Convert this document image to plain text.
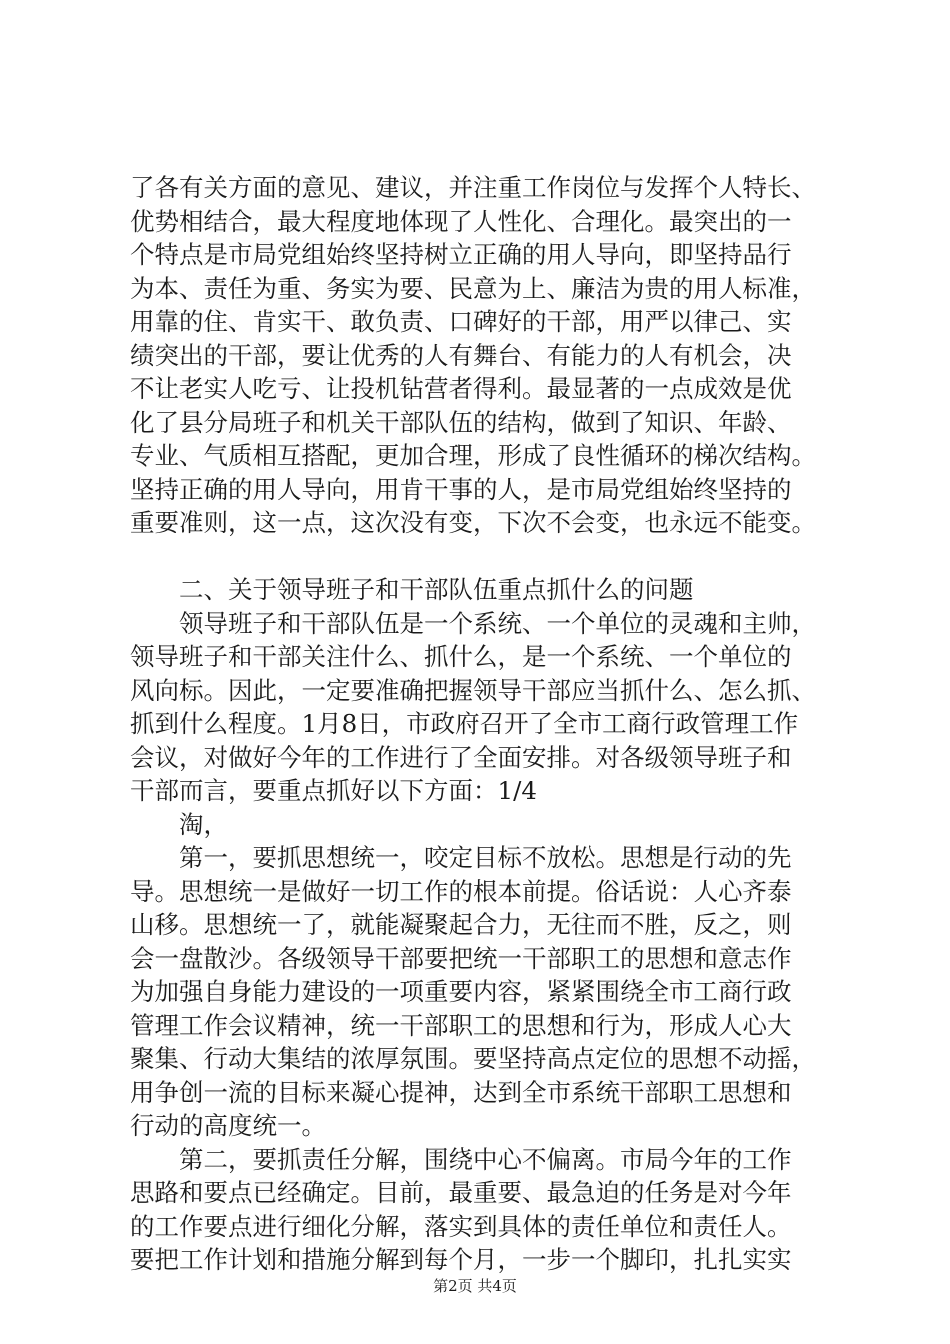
了各有关方面的意见、建议，并注重工作岗位与发挥个人特长、
优势相结合，最大程度地体现了人性化、合理化。最突出的一
个特点是市局党组始终坚持树立正确的用人导向，即坚持品行
为本、责任为重、务实为要、民意为上、廉洁为贵的用人标准，
用靠的住、肯实干、敢负责、口碑好的干部，用严以律己、实
绩突出的干部，要让优秀的人有舞台、有能力的人有机会，决
不让老实人吃亏、让投机钻营者得利。最显著的一点成效是优
化了县分局班子和机关干部队伍的结构，做到了知识、年龄、
专业、气质相互搭配，更加合理，形成了良性循环的梯次结构。
坚持正确的用人导向，用肯干事的人，是市局党组始终坚持的
重要准则，这一点，这次没有变，下次不会变，也永远不能变。
二、关于领导班子和干部队伍重点抓什么的问题
领导班子和干部队伍是一个系统、一个单位的灵魂和主帅，
领导班子和干部关注什么、抓什么，是一个系统、一个单位的
风向标。因此，一定要准确把握领导干部应当抓什么、怎么抓、
抓到什么程度。1月8日，市政府召开了全市工商行政管理工作
会议，对做好今年的工作进行了全面安排。对各级领导班子和
干部而言，要重点抓好以下方面：1/4
淘，
第一，要抓思想统一，咬定目标不放松。思想是行动的先
导。思想统一是做好一切工作的根本前提。俗话说：人心齐泰
山移。思想统一了，就能凝聚起合力，无往而不胜，反之，则
会一盘散沙。各级领导干部要把统一干部职工的思想和意志作
为加强自身能力建设的一项重要内容，紧紧围绕全市工商行政
管理工作会议精神，统一干部职工的思想和行为，形成人心大
聚集、行动大集结的浓厚氛围。要坚持高点定位的思想不动摇，
用争创一流的目标来凝心提神，达到全市系统干部职工思想和
行动的高度统一。
第二，要抓责任分解，围绕中心不偏离。市局今年的工作
思路和要点已经确定。目前，最重要、最急迫的任务是对今年
的工作要点进行细化分解，落实到具体的责任单位和责任人。
要把工作计划和措施分解到每个月，一步一个脚印，扎扎实实
第2页 共4页
